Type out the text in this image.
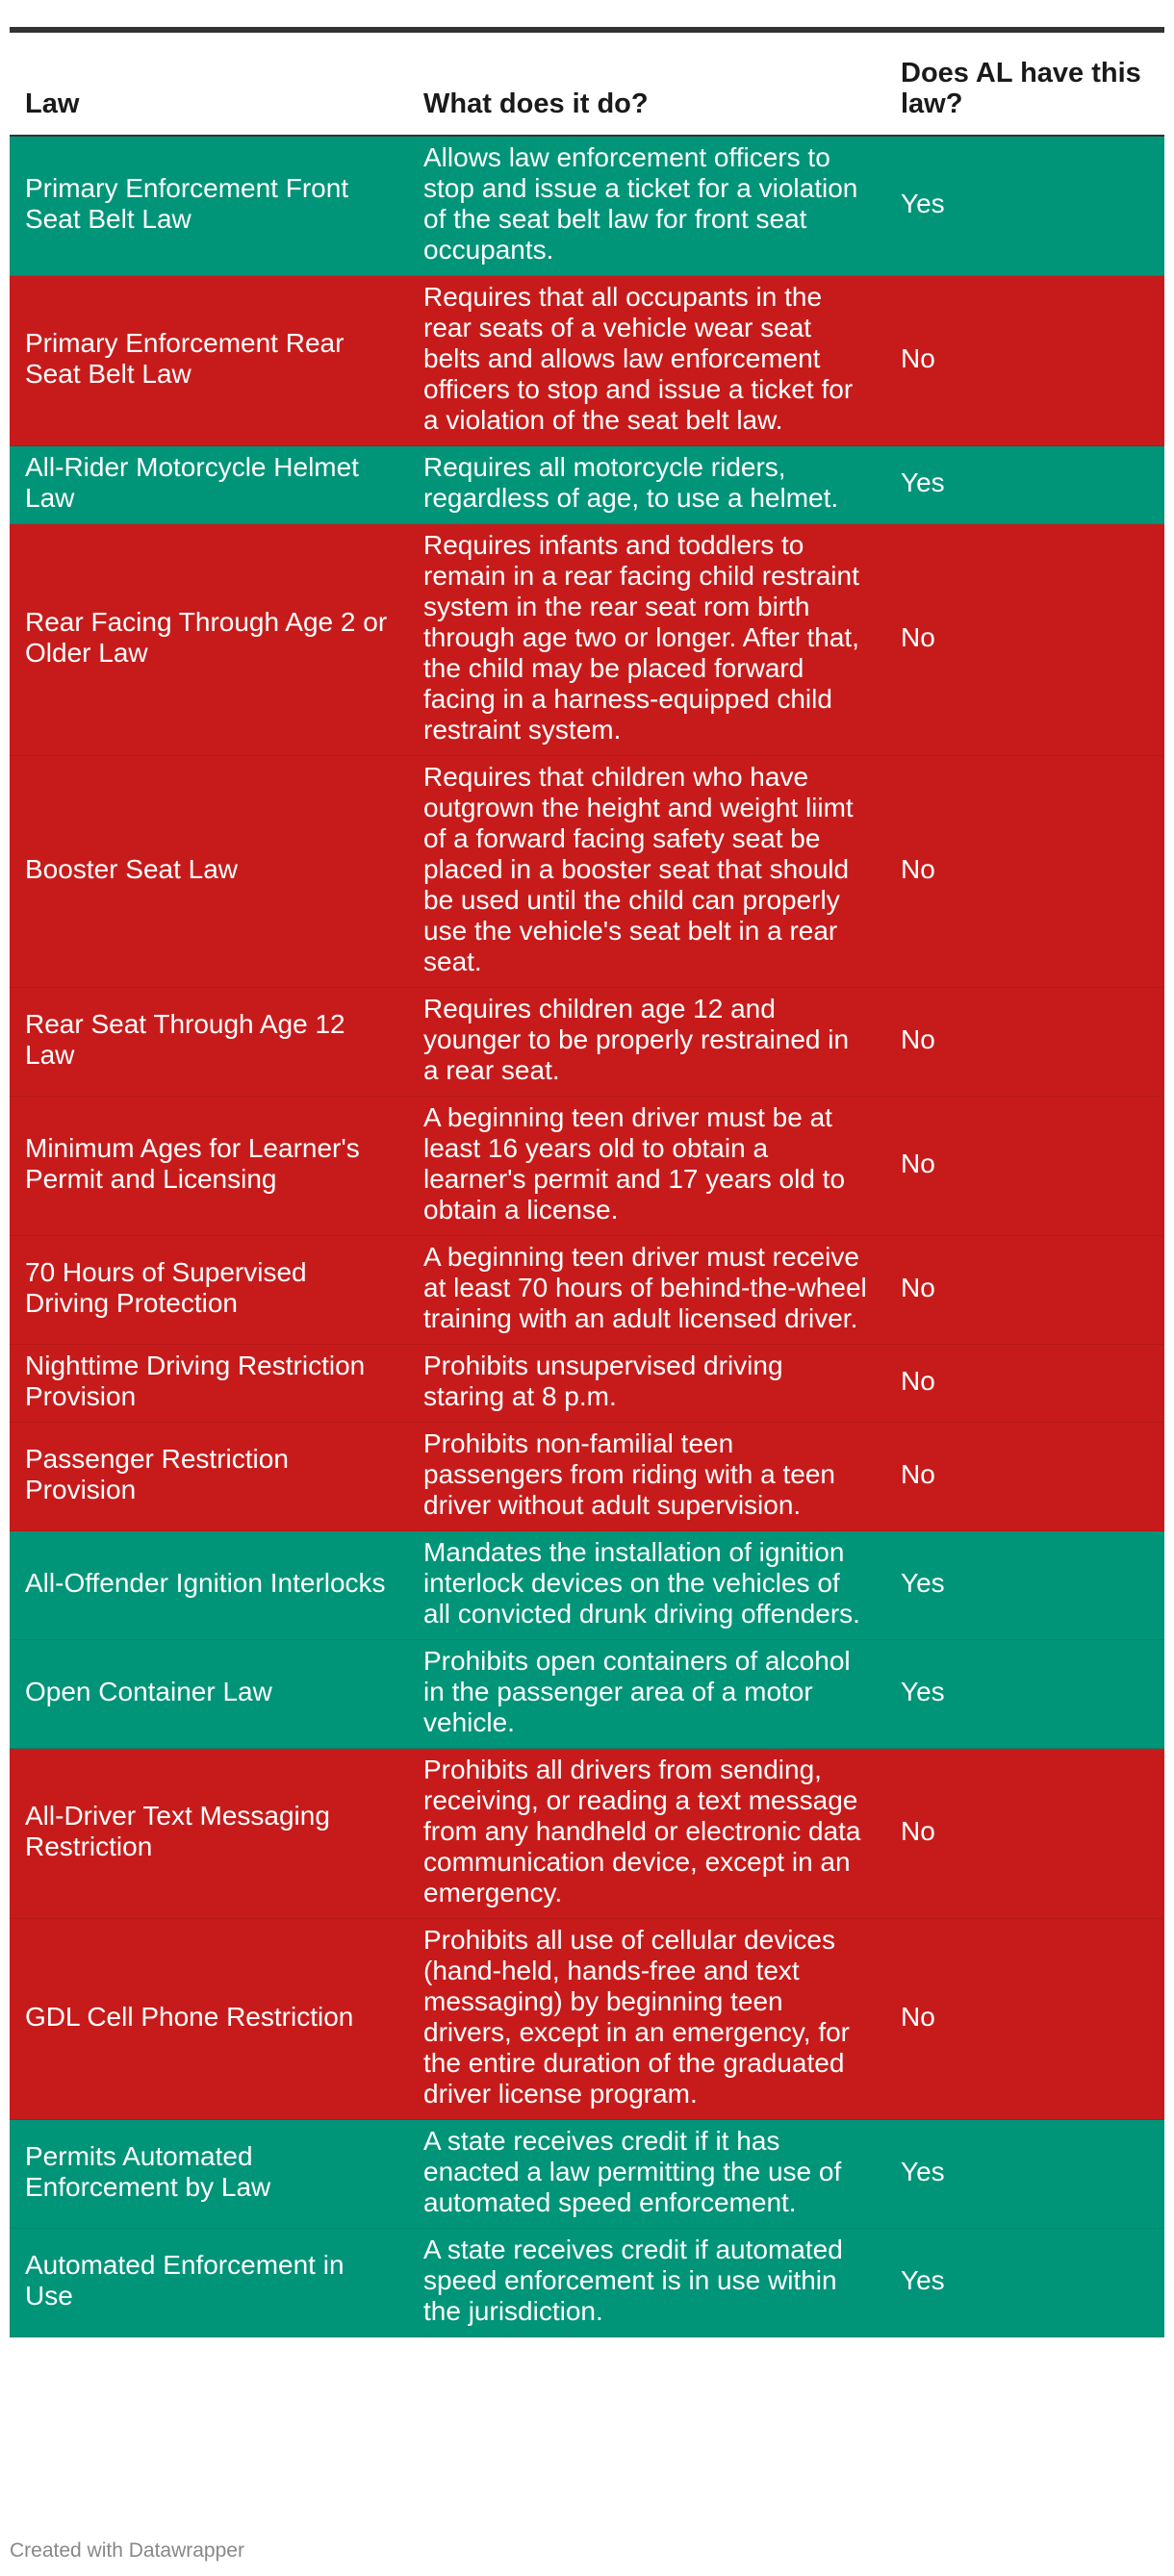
Law	What does it do?	Does AL have this law?
Primary Enforcement Front Seat Belt Law	Allows law enforcement officers to stop and issue a ticket for a violation of the seat belt law for front seat occupants.	Yes
Primary Enforcement Rear Seat Belt Law	Requires that all occupants in the rear seats of a vehicle wear seat belts and allows law enforcement officers to stop and issue a ticket for a violation of the seat belt law.	No
All-Rider Motorcycle Helmet Law	Requires all motorcycle riders, regardless of age, to use a helmet.	Yes
Rear Facing Through Age 2 or Older Law	Requires infants and toddlers to remain in a rear facing child restraint system in the rear seat rom birth through age two or longer. After that, the child may be placed forward facing in a harness-equipped child restraint system.	No
Booster Seat Law	Requires that children who have outgrown the height and weight liimt of a forward facing safety seat be placed in a booster seat that should be used until the child can properly use the vehicle's seat belt in a rear seat.	No
Rear Seat Through Age 12 Law	Requires children age 12 and younger to be properly restrained in a rear seat.	No
Minimum Ages for Learner's Permit and Licensing	A beginning teen driver must be at least 16 years old to obtain a learner's permit and 17 years old to obtain a license.	No
70 Hours of Supervised Driving Protection	A beginning teen driver must receive at least 70 hours of behind-the-wheel training with an adult licensed driver.	No
Nighttime Driving Restriction Provision	Prohibits unsupervised driving staring at 8 p.m.	No
Passenger Restriction Provision	Prohibits non-familial teen passengers from riding with a teen driver without adult supervision.	No
All-Offender Ignition Interlocks	Mandates the installation of ignition interlock devices on the vehicles of all convicted drunk driving offenders.	Yes
Open Container Law	Prohibits open containers of alcohol in the passenger area of a motor vehicle.	Yes
All-Driver Text Messaging Restriction	Prohibits all drivers from sending, receiving, or reading a text message from any handheld or electronic data communication device, except in an emergency.	No
GDL Cell Phone Restriction	Prohibits all use of cellular devices (hand-held, hands-free and text messaging) by beginning teen drivers, except in an emergency, for the entire duration of the graduated driver license program.	No
Permits Automated Enforcement by Law	A state receives credit if it has enacted a law permitting the use of automated speed enforcement.	Yes
Automated Enforcement in Use	A state receives credit if automated speed enforcement is in use within the jurisdiction.	Yes
Created with Datawrapper
